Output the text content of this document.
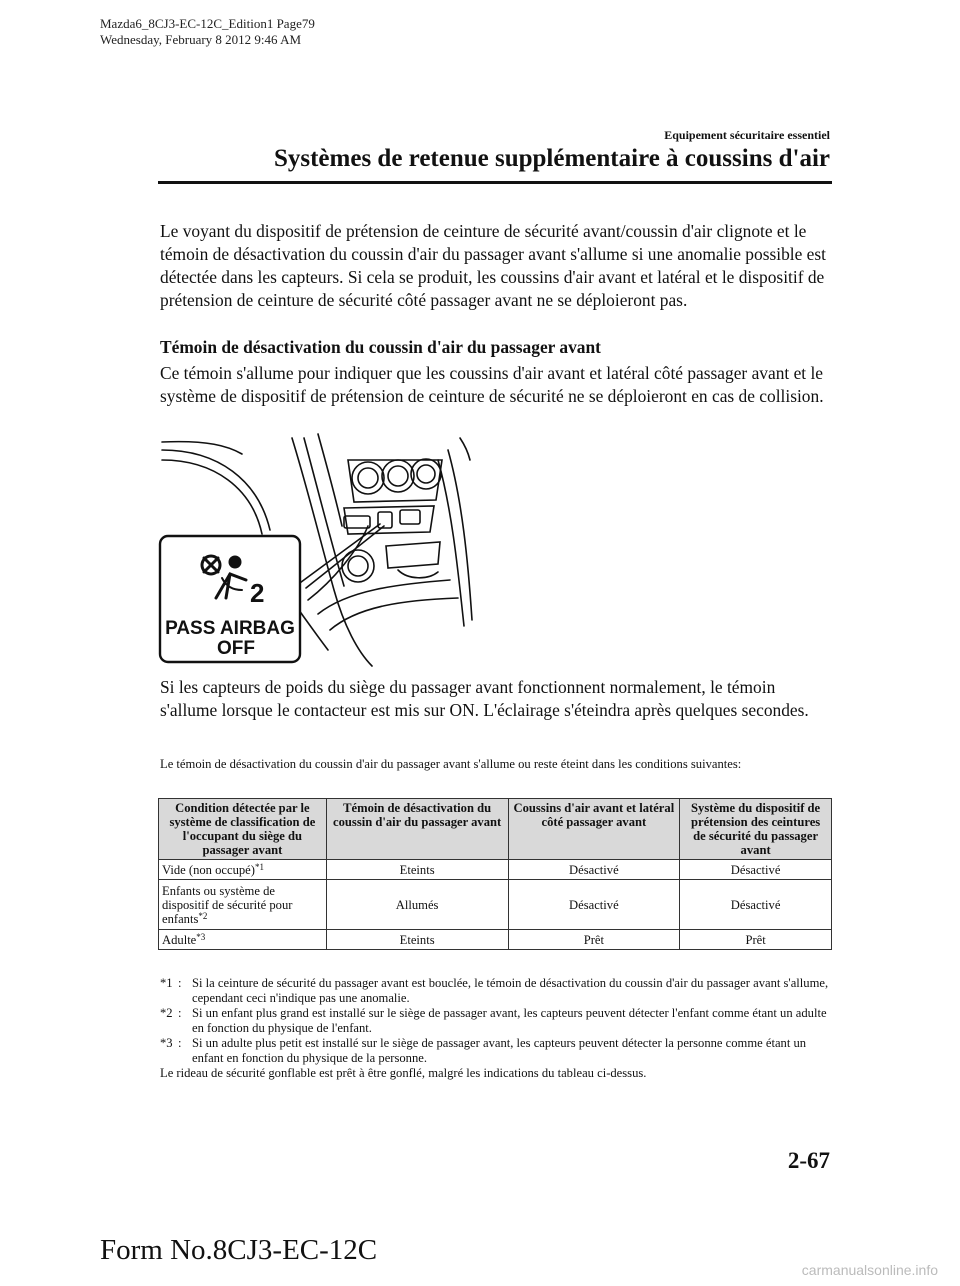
Mazda6_8CJ3-EC-12C_Edition1 Page79
Wednesday, February 8 2012 9:46 AM
Equipement sécuritaire essentiel
Systèmes de retenue supplémentaire à coussins d'air
Le voyant du dispositif de prétension de ceinture de sécurité avant/coussin d'air clignote et le témoin de désactivation du coussin d'air du passager avant s'allume si une anomalie possible est détectée dans les capteurs. Si cela se produit, les coussins d'air avant et latéral et le dispositif de prétension de ceinture de sécurité côté passager avant ne se déploieront pas.
Témoin de désactivation du coussin d'air du passager avant
Ce témoin s'allume pour indiquer que les coussins d'air avant et latéral côté passager avant et le système de dispositif de prétension de ceinture de sécurité ne se déploieront en cas de collision.
2
PASS AIRBAG
OFF
Si les capteurs de poids du siège du passager avant fonctionnent normalement, le témoin s'allume lorsque le contacteur est mis sur ON. L'éclairage s'éteindra après quelques secondes.
Le témoin de désactivation du coussin d'air du passager avant s'allume ou reste éteint dans les conditions suivantes:
Condition détectée par le système de classification de l'occupant du siège du passager avant	Témoin de désactivation du coussin d'air du passager avant	Coussins d'air avant et latéral côté passager avant	Système du dispositif de prétension des ceintures de sécurité du passager avant
Vide (non occupé)$^{*1}$	Eteints	Désactivé	Désactivé
Enfants ou système de dispositif de sécurité pour enfants$^{*2}$	Allumés	Désactivé	Désactivé
Adulte$^{*3}$	Eteints	Prêt	Prêt
*1 : Si la ceinture de sécurité du passager avant est bouclée, le témoin de désactivation du coussin d'air du passager avant s'allume, cependant ceci n'indique pas une anomalie.
*2 : Si un enfant plus grand est installé sur le siège de passager avant, les capteurs peuvent détecter l'enfant comme étant un adulte en fonction du physique de l'enfant.
*3 : Si un adulte plus petit est installé sur le siège de passager avant, les capteurs peuvent détecter la personne comme étant un enfant en fonction du physique de la personne.
Le rideau de sécurité gonflable est prêt à être gonflé, malgré les indications du tableau ci-dessus.
2-67
Form No.8CJ3-EC-12C
carmanualsonline.info
